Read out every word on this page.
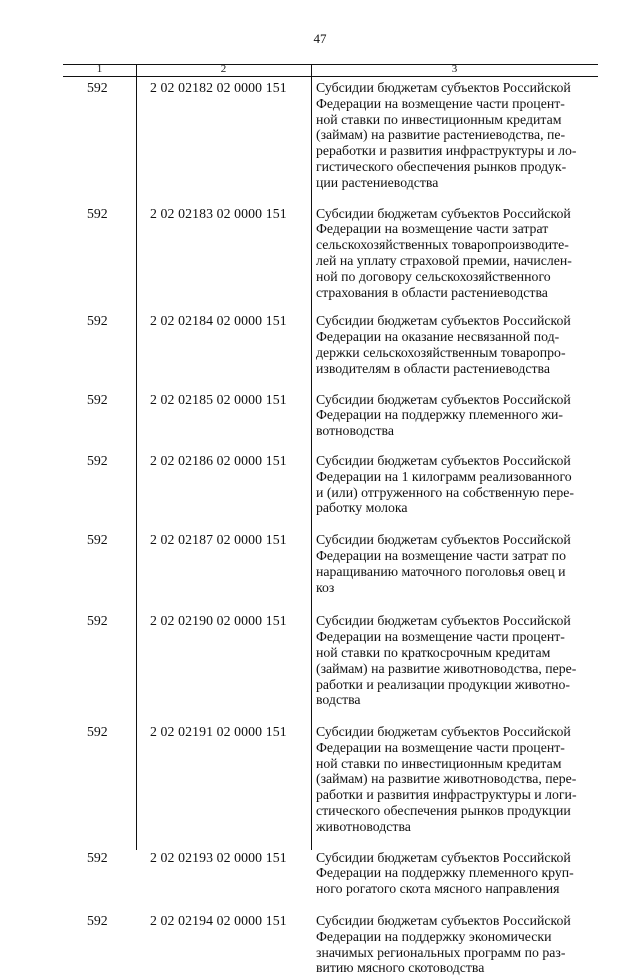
47
1	2	3
592	2 02 02182 02 0000 151 Субсидии бюджетам субъектов Российской
Федерации на возмещение части процент-
ной ставки по инвестиционным кредитам
(займам) на развитие растениеводства, пе-
реработки и развития инфраструктуры и ло-
гистического обеспечения рынков продук-
ции растениеводства
592	2 02 02183 02 0000 151 Субсидии бюджетам субъектов Российской
Федерации на возмещение части затрат
сельскохозяйственных товаропроизводите-
лей на уплату страховой премии, начислен-
ной по договору сельскохозяйственного
страхования в области растениеводства
592	2 02 02184 02 0000 151 Субсидии бюджетам субъектов Российской
Федерации на оказание несвязанной под-
держки сельскохозяйственным товаропро-
изводителям в области растениеводства
592	2 02 02185 02 0000 151 Субсидии бюджетам субъектов Российской
Федерации на поддержку племенного жи-
вотноводства
592	2 02 02186 02 0000 151 Субсидии бюджетам субъектов Российской
Федерации на 1 килограмм реализованного
и (или) отгруженного на собственную пере-
работку молока
592	2 02 02187 02 0000 151 Субсидии бюджетам субъектов Российской
Федерации на возмещение части затрат по
наращиванию маточного поголовья овец и
коз
592	2 02 02190 02 0000 151 Субсидии бюджетам субъектов Российской
Федерации на возмещение части процент-
ной ставки по краткосрочным кредитам
(займам) на развитие животноводства, пере-
работки и реализации продукции животно-
водства
592	2 02 02191 02 0000 151 Субсидии бюджетам субъектов Российской
Федерации на возмещение части процент-
ной ставки по инвестиционным кредитам
(займам) на развитие животноводства, пере-
работки и развития инфраструктуры и логи-
стического обеспечения рынков продукции
животноводства
592	2 02 02193 02 0000 151 Субсидии бюджетам субъектов Российской
Федерации на поддержку племенного круп-
ного рогатого скота мясного направления
592	2 02 02194 02 0000 151 Субсидии бюджетам субъектов Российской
Федерации на поддержку экономически
значимых региональных программ по раз-
витию мясного скотоводства
